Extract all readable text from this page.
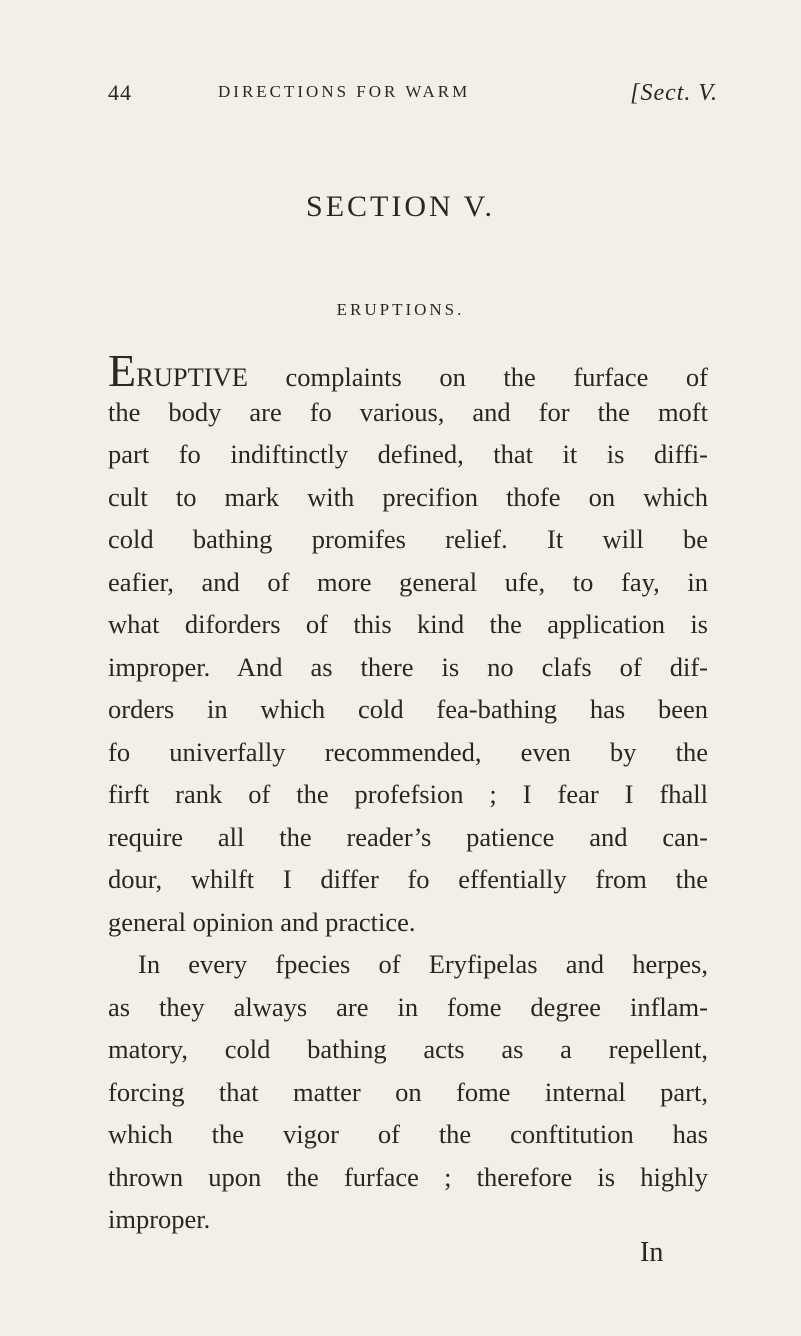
44	DIRECTIONS FOR WARM	[Sect. V.
SECTION V.
ERUPTIONS.
ERUPTIVE complaints on the furface of
the body are fo various, and for the moft
part fo indiftinctly defined, that it is diffi-
cult to mark with precifion thofe on which
cold bathing promifes relief. It will be
eafier, and of more general ufe, to fay, in
what diforders of this kind the application is
improper. And as there is no clafs of dif-
orders in which cold fea-bathing has been
fo univerfally recommended, even by the
firft rank of the profefsion ; I fear I fhall
require all the reader’s patience and can-
dour, whilft I differ fo effentially from the
general opinion and practice.
In every fpecies of Eryfipelas and herpes,
as they always are in fome degree inflam-
matory, cold bathing acts as a repellent,
forcing that matter on fome internal part,
which the vigor of the conftitution has
thrown upon the furface ; therefore is highly
improper.
In
